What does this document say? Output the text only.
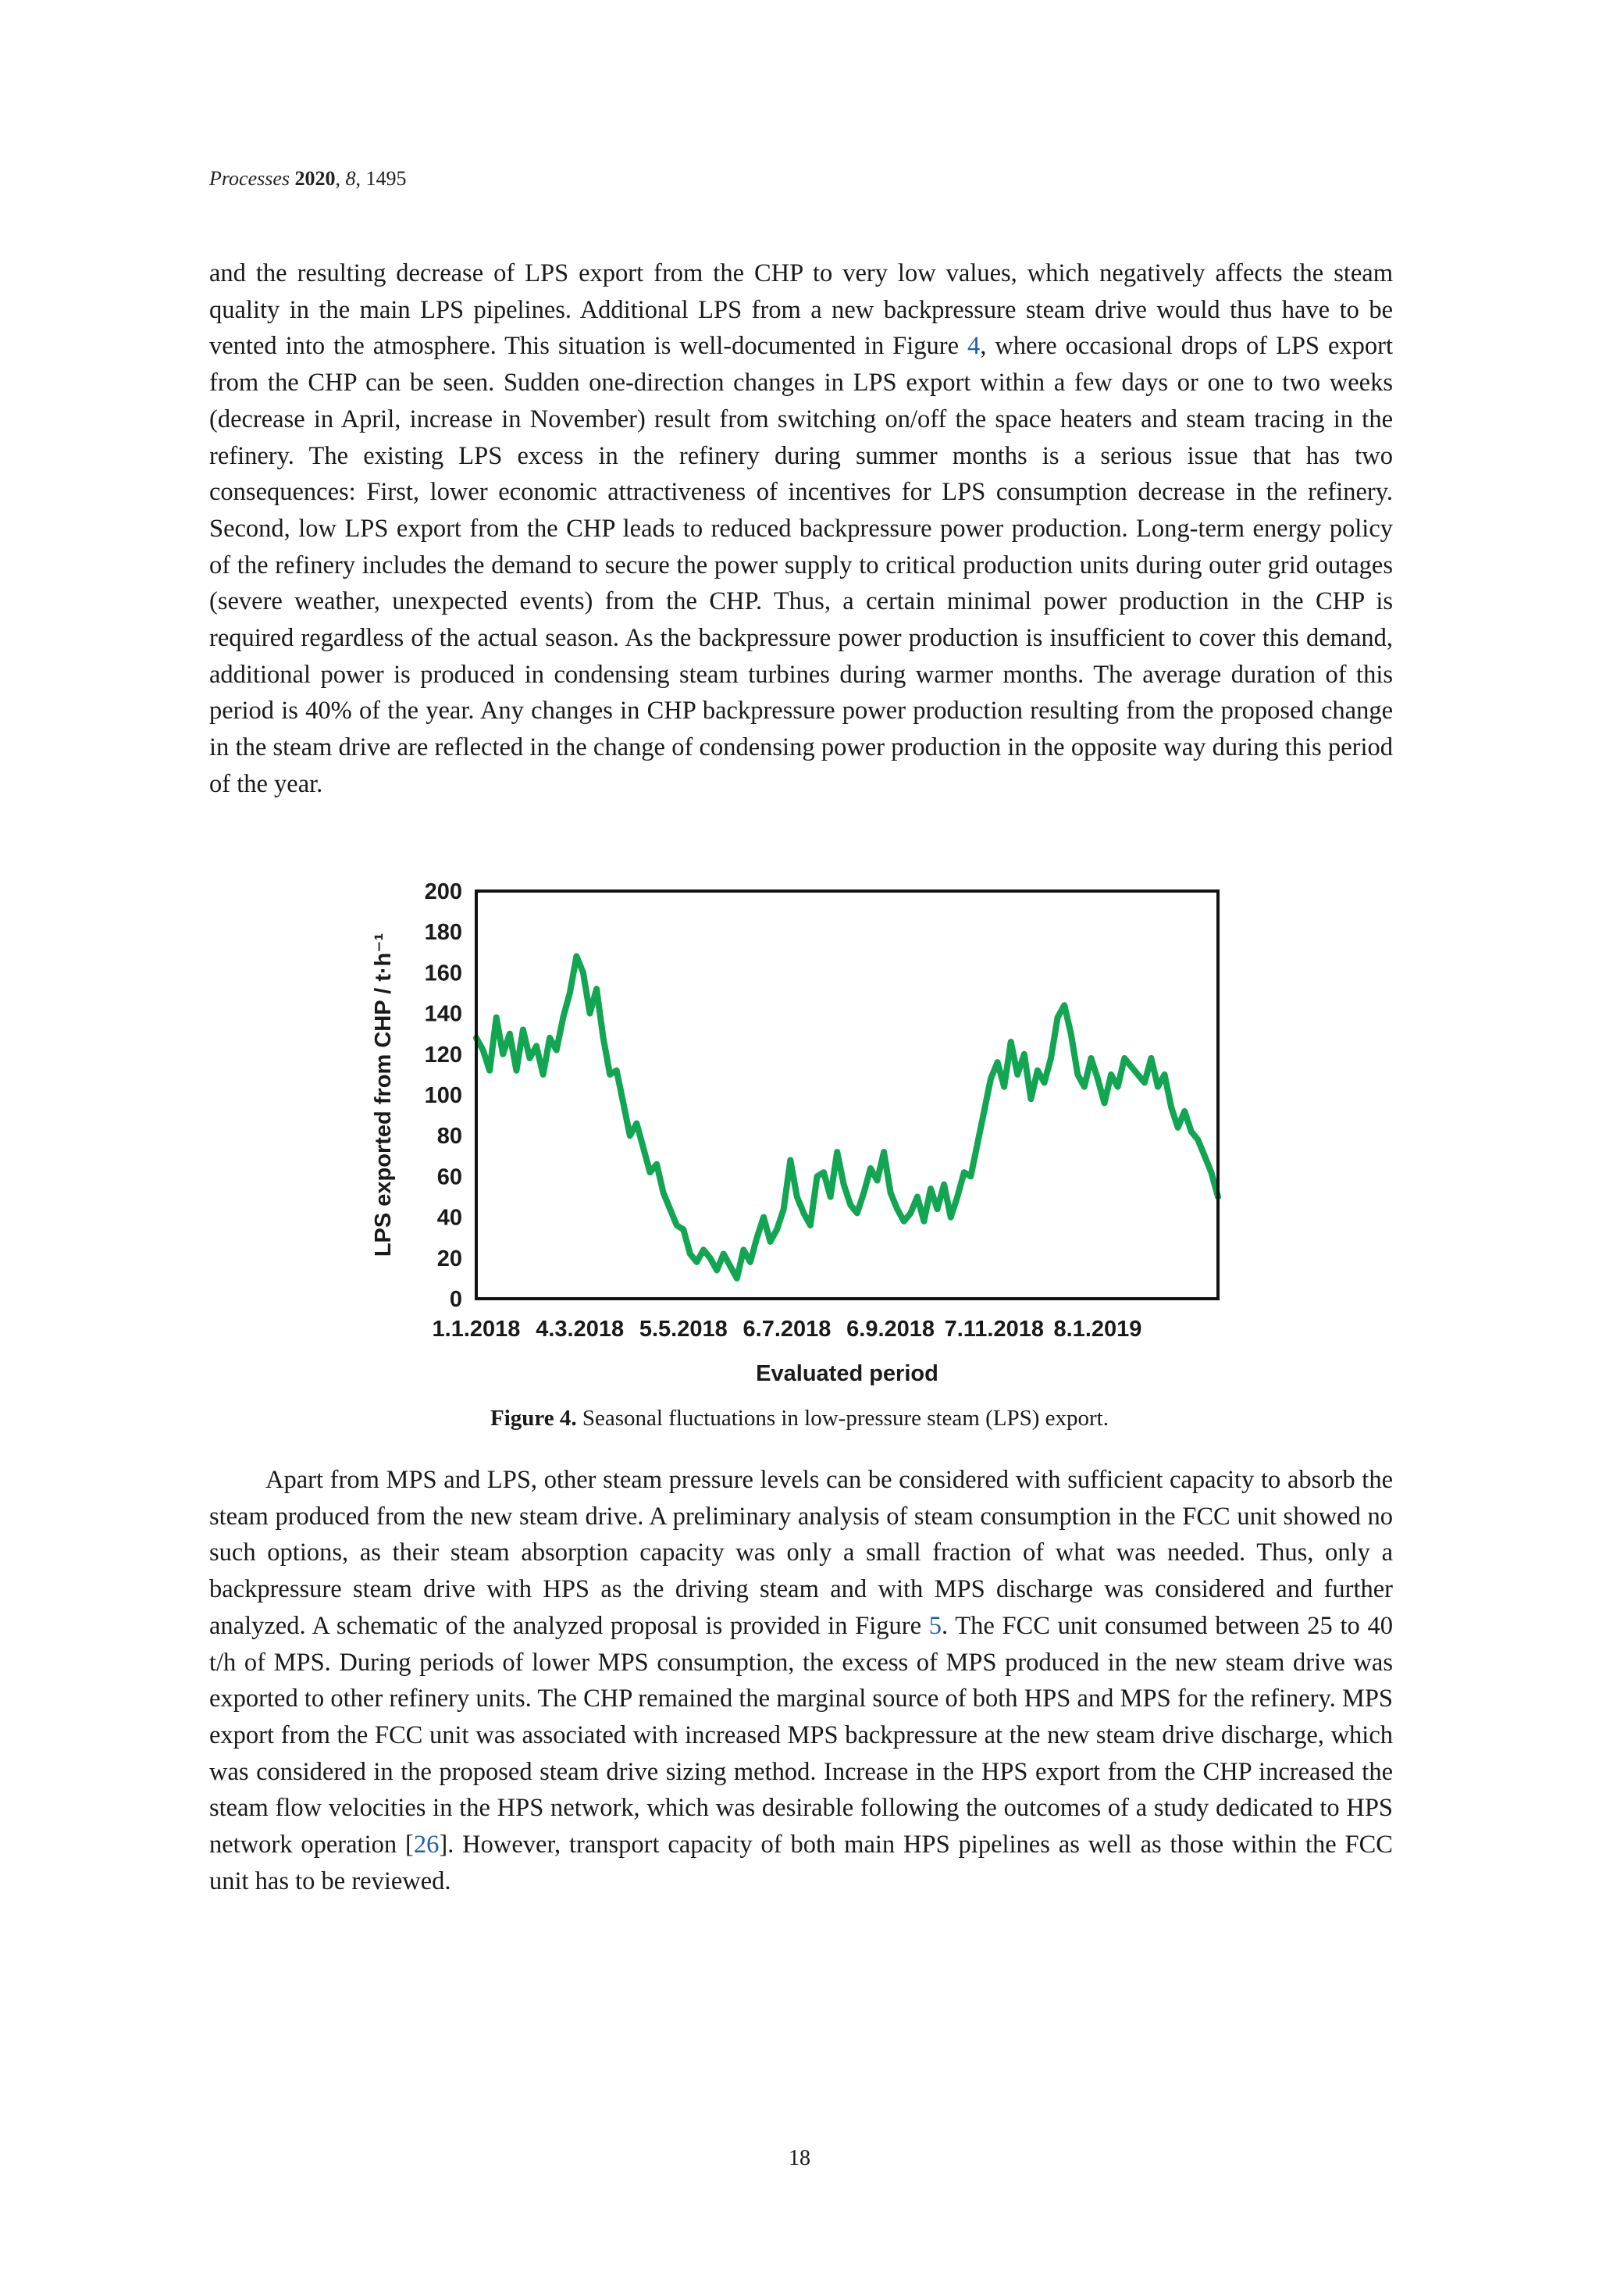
Processes 2020, 8, 1495

and the resulting decrease of LPS export from the CHP to very low values, which negatively affects the steam quality in the main LPS pipelines. Additional LPS from a new backpressure steam drive would thus have to be vented into the atmosphere. This situation is well-documented in Figure 4, where occasional drops of LPS export from the CHP can be seen. Sudden one-direction changes in LPS export within a few days or one to two weeks (decrease in April, increase in November) result from switching on/off the space heaters and steam tracing in the refinery. The existing LPS excess in the refinery during summer months is a serious issue that has two consequences: First, lower economic attractiveness of incentives for LPS consumption decrease in the refinery. Second, low LPS export from the CHP leads to reduced backpressure power production. Long-term energy policy of the refinery includes the demand to secure the power supply to critical production units during outer grid outages (severe weather, unexpected events) from the CHP. Thus, a certain minimal power production in the CHP is required regardless of the actual season. As the backpressure power production is insufficient to cover this demand, additional power is produced in condensing steam turbines during warmer months. The average duration of this period is 40% of the year. Any changes in CHP backpressure power production resulting from the proposed change in the steam drive are reflected in the change of condensing power production in the opposite way during this period of the year.

0
20
40
60
80
100
120
140
160
180
200
1.1.2018 4.3.2018 5.5.2018 6.7.2018 6.9.2018 7.11.2018 8.1.2019
Evaluated period
LPS exported from CHP / t·h⁻¹
Figure 4. Seasonal fluctuations in low-pressure steam (LPS) export.

Apart from MPS and LPS, other steam pressure levels can be considered with sufficient capacity to absorb the steam produced from the new steam drive. A preliminary analysis of steam consumption in the FCC unit showed no such options, as their steam absorption capacity was only a small fraction of what was needed. Thus, only a backpressure steam drive with HPS as the driving steam and with MPS discharge was considered and further analyzed. A schematic of the analyzed proposal is provided in Figure 5. The FCC unit consumed between 25 to 40 t/h of MPS. During periods of lower MPS consumption, the excess of MPS produced in the new steam drive was exported to other refinery units. The CHP remained the marginal source of both HPS and MPS for the refinery. MPS export from the FCC unit was associated with increased MPS backpressure at the new steam drive discharge, which was considered in the proposed steam drive sizing method. Increase in the HPS export from the CHP increased the steam flow velocities in the HPS network, which was desirable following the outcomes of a study dedicated to HPS network operation [26]. However, transport capacity of both main HPS pipelines as well as those within the FCC unit has to be reviewed.

18
